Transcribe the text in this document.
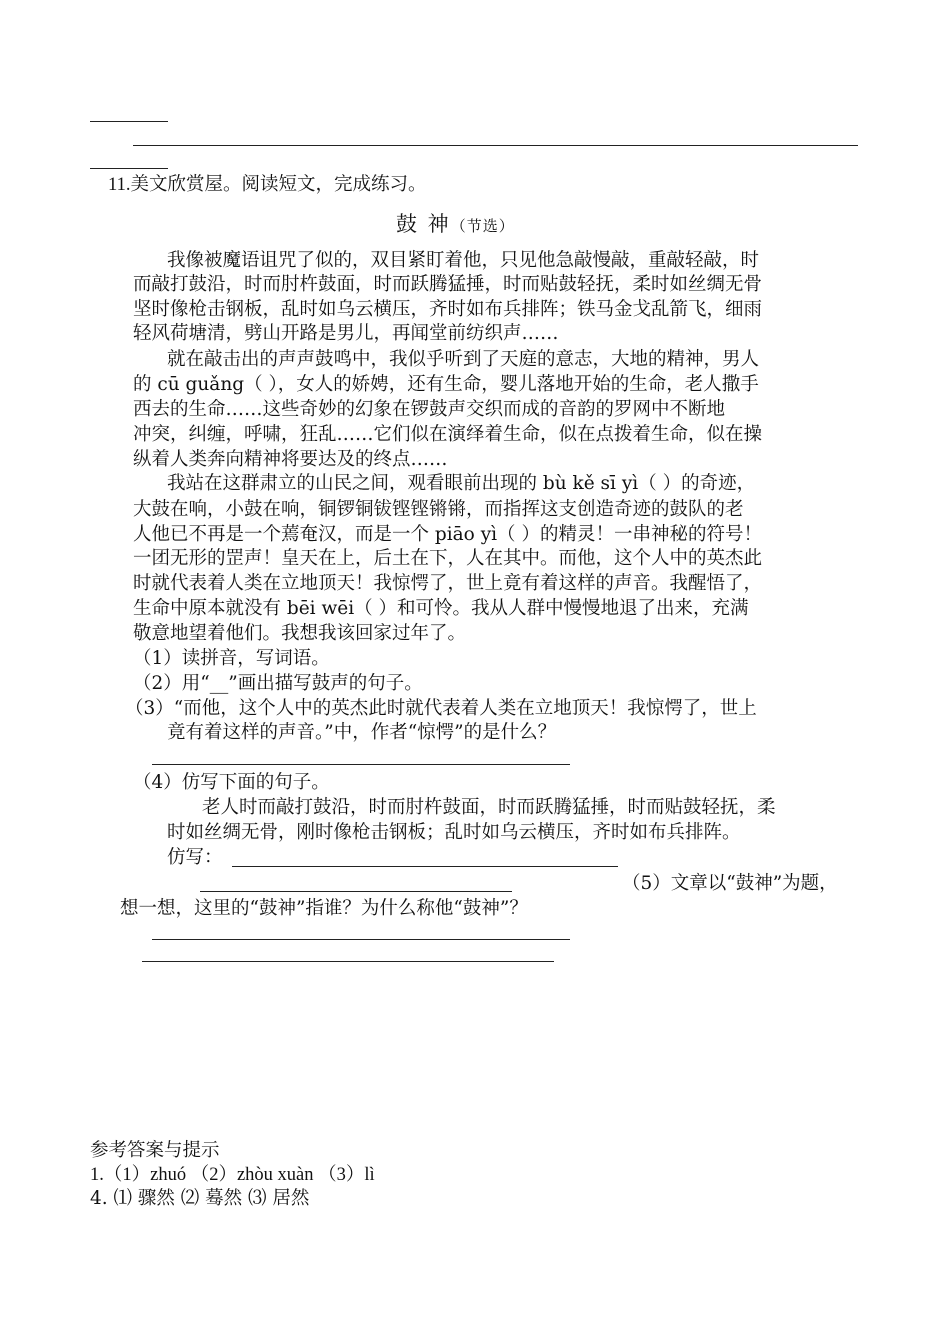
11.美文欣赏屋。阅读短文，完成练习。
鼓 神（节选）
我像被魔语诅咒了似的，双目紧盯着他，只见他急敲慢敲，重敲轻敲，时
而敲打鼓沿，时而肘杵鼓面，时而跃腾猛捶，时而贴鼓轻抚，柔时如丝绸无骨
坚时像枪击钢板，乱时如乌云横压，齐时如布兵排阵；铁马金戈乱箭飞，细雨
轻风荷塘清，劈山开路是男儿，再闻堂前纺织声……
就在敲击出的声声鼓鸣中，我似乎听到了天庭的意志，大地的精神，男人
的 cū guǎng（ ），女人的娇娉，还有生命，婴儿落地开始的生命，老人撒手
西去的生命……这些奇妙的幻象在锣鼓声交织而成的音韵的罗网中不断地
冲突，纠缠，呼啸，狂乱……它们似在演绎着生命，似在点拨着生命，似在操
纵着人类奔向精神将要达及的终点……
我站在这群肃立的山民之间，观看眼前出现的 bù kě sī yì（ ）的奇迹，
大鼓在响，小鼓在响，铜锣铜钹铿铿锵锵，而指挥这支创造奇迹的鼓队的老
人他已不再是一个蔫奄汉，而是一个 piāo yì（ ）的精灵！一串神秘的符号！
一团无形的罡声！皇天在上，后土在下，人在其中。而他，这个人中的英杰此
时就代表着人类在立地顶天！我惊愕了，世上竟有着这样的声音。我醒悟了，
生命中原本就没有 bēi wēi（ ）和可怜。我从人群中慢慢地退了出来，充满
敬意地望着他们。我想我该回家过年了。
（1）读拼音，写词语。
（2）用“__”画出描写鼓声的句子。
（3）“而他，这个人中的英杰此时就代表着人类在立地顶天！我惊愕了，世上
竟有着这样的声音。”中，作者“惊愕”的是什么？
（4）仿写下面的句子。
老人时而敲打鼓沿，时而肘杵鼓面，时而跃腾猛捶，时而贴鼓轻抚，柔
时如丝绸无骨，刚时像枪击钢板；乱时如乌云横压，齐时如布兵排阵。
仿写：
（5）文章以“鼓神”为题，
想一想，这里的“鼓神”指谁？为什么称他“鼓神”？
参考答案与提示
1.（1）zhuó （2）zhòu xuàn （3）lì
4. ⑴ 骤然 ⑵ 蓦然 ⑶ 居然
